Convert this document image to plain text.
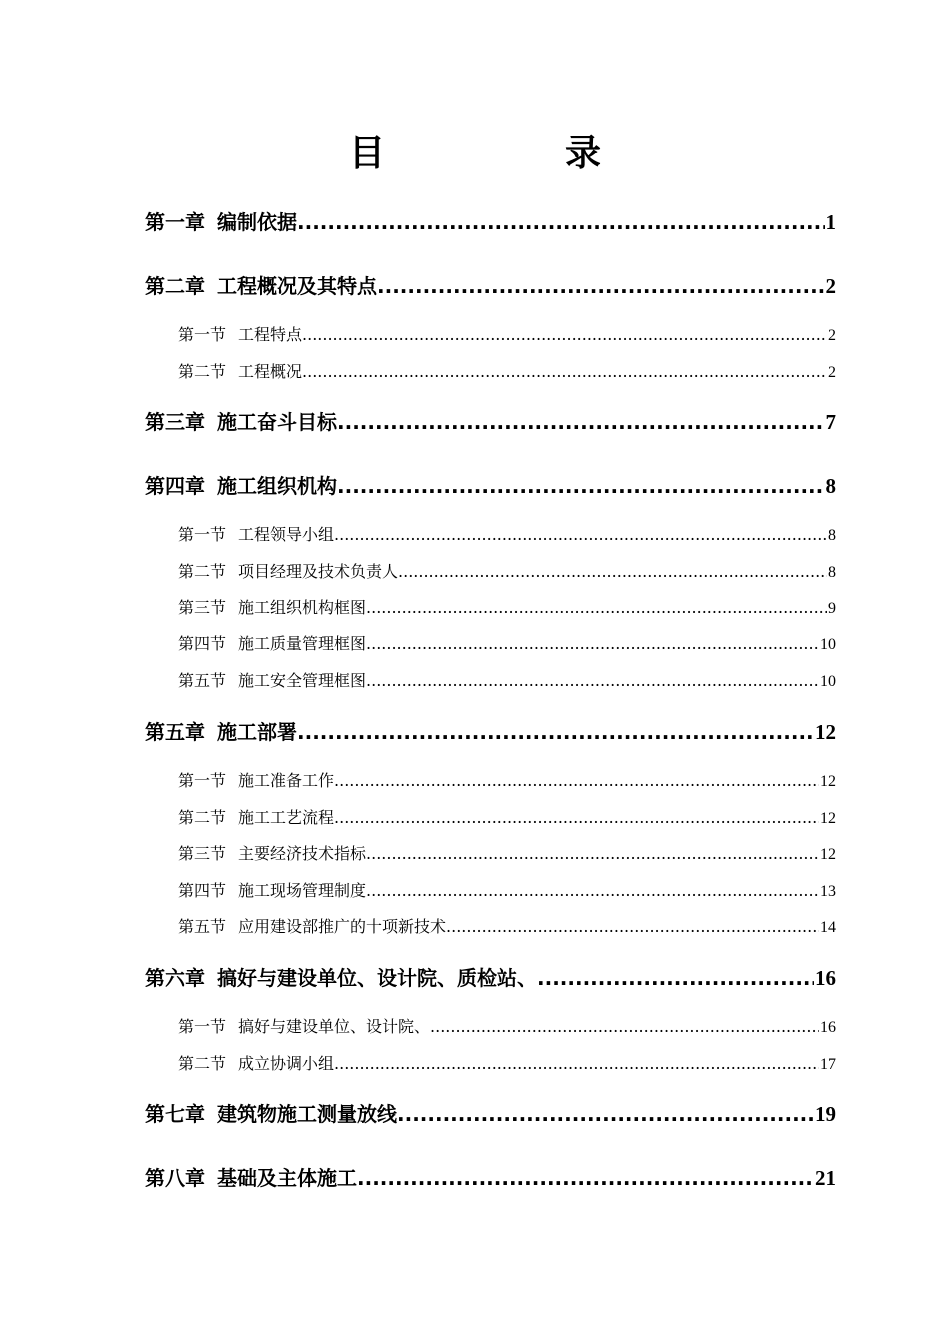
目　录
第一章 编制依据 .....	1
第二章 工程概况及其特点 .....	2
第一节 工程特点 .....	2
第二节 工程概况 .....	2
第三章 施工奋斗目标 .....	7
第四章 施工组织机构 .....	8
第一节 工程领导小组 .....	8
第二节 项目经理及技术负责人 .....	8
第三节 施工组织机构框图 .....	9
第四节 施工质量管理框图 .....	10
第五节 施工安全管理框图 .....	10
第五章 施工部署 .....	12
第一节 施工准备工作 .....	12
第二节 施工工艺流程 .....	12
第三节 主要经济技术指标 .....	12
第四节 施工现场管理制度 .....	13
第五节 应用建设部推广的十项新技术 .....	14
第六章 搞好与建设单位、设计院、质检站、 .....	16
第一节 搞好与建设单位、设计院、 .....	16
第二节 成立协调小组 .....	17
第七章 建筑物施工测量放线 .....	19
第八章 基础及主体施工 .....	21
